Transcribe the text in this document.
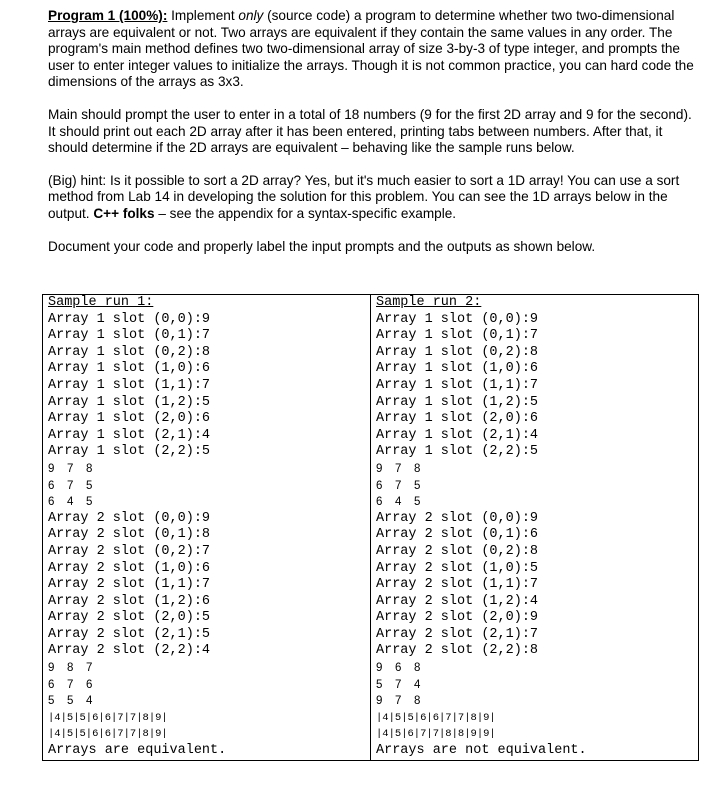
Program 1 (100%): Implement only (source code) a program to determine whether two two-dimensional arrays are equivalent or not. Two arrays are equivalent if they contain the same values in any order. The program's main method defines two two-dimensional array of size 3-by-3 of type integer, and prompts the user to enter integer values to initialize the arrays. Though it is not common practice, you can hard code the dimensions of the arrays as 3x3.

Main should prompt the user to enter in a total of 18 numbers (9 for the first 2D array and 9 for the second). It should print out each 2D array after it has been entered, printing tabs between numbers. After that, it should determine if the 2D arrays are equivalent – behaving like the sample runs below.

(Big) hint: Is it possible to sort a 2D array? Yes, but it's much easier to sort a 1D array! You can use a sort method from Lab 14 in developing the solution for this problem. You can see the 1D arrays below in the output. C++ folks – see the appendix for a syntax-specific example.

Document your code and properly label the input prompts and the outputs as shown below.

Sample run 1:
Array 1 slot (0,0):9
Array 1 slot (0,1):7
Array 1 slot (0,2):8
Array 1 slot (1,0):6
Array 1 slot (1,1):7
Array 1 slot (1,2):5
Array 1 slot (2,0):6
Array 1 slot (2,1):4
Array 1 slot (2,2):5
9 7 8
6 7 5
6 4 5
Array 2 slot (0,0):9
Array 2 slot (0,1):8
Array 2 slot (0,2):7
Array 2 slot (1,0):6
Array 2 slot (1,1):7
Array 2 slot (1,2):6
Array 2 slot (2,0):5
Array 2 slot (2,1):5
Array 2 slot (2,2):4
9 8 7
6 7 6
5 5 4
|4|5|5|6|6|7|7|8|9|
|4|5|5|6|6|7|7|8|9|
Arrays are equivalent.

Sample run 2:
Array 1 slot (0,0):9
Array 1 slot (0,1):7
Array 1 slot (0,2):8
Array 1 slot (1,0):6
Array 1 slot (1,1):7
Array 1 slot (1,2):5
Array 1 slot (2,0):6
Array 1 slot (2,1):4
Array 1 slot (2,2):5
9 7 8
6 7 5
6 4 5
Array 2 slot (0,0):9
Array 2 slot (0,1):6
Array 2 slot (0,2):8
Array 2 slot (1,0):5
Array 2 slot (1,1):7
Array 2 slot (1,2):4
Array 2 slot (2,0):9
Array 2 slot (2,1):7
Array 2 slot (2,2):8
9 6 8
5 7 4
9 7 8
|4|5|5|6|6|7|7|8|9|
|4|5|6|7|7|8|8|9|9|
Arrays are not equivalent.
